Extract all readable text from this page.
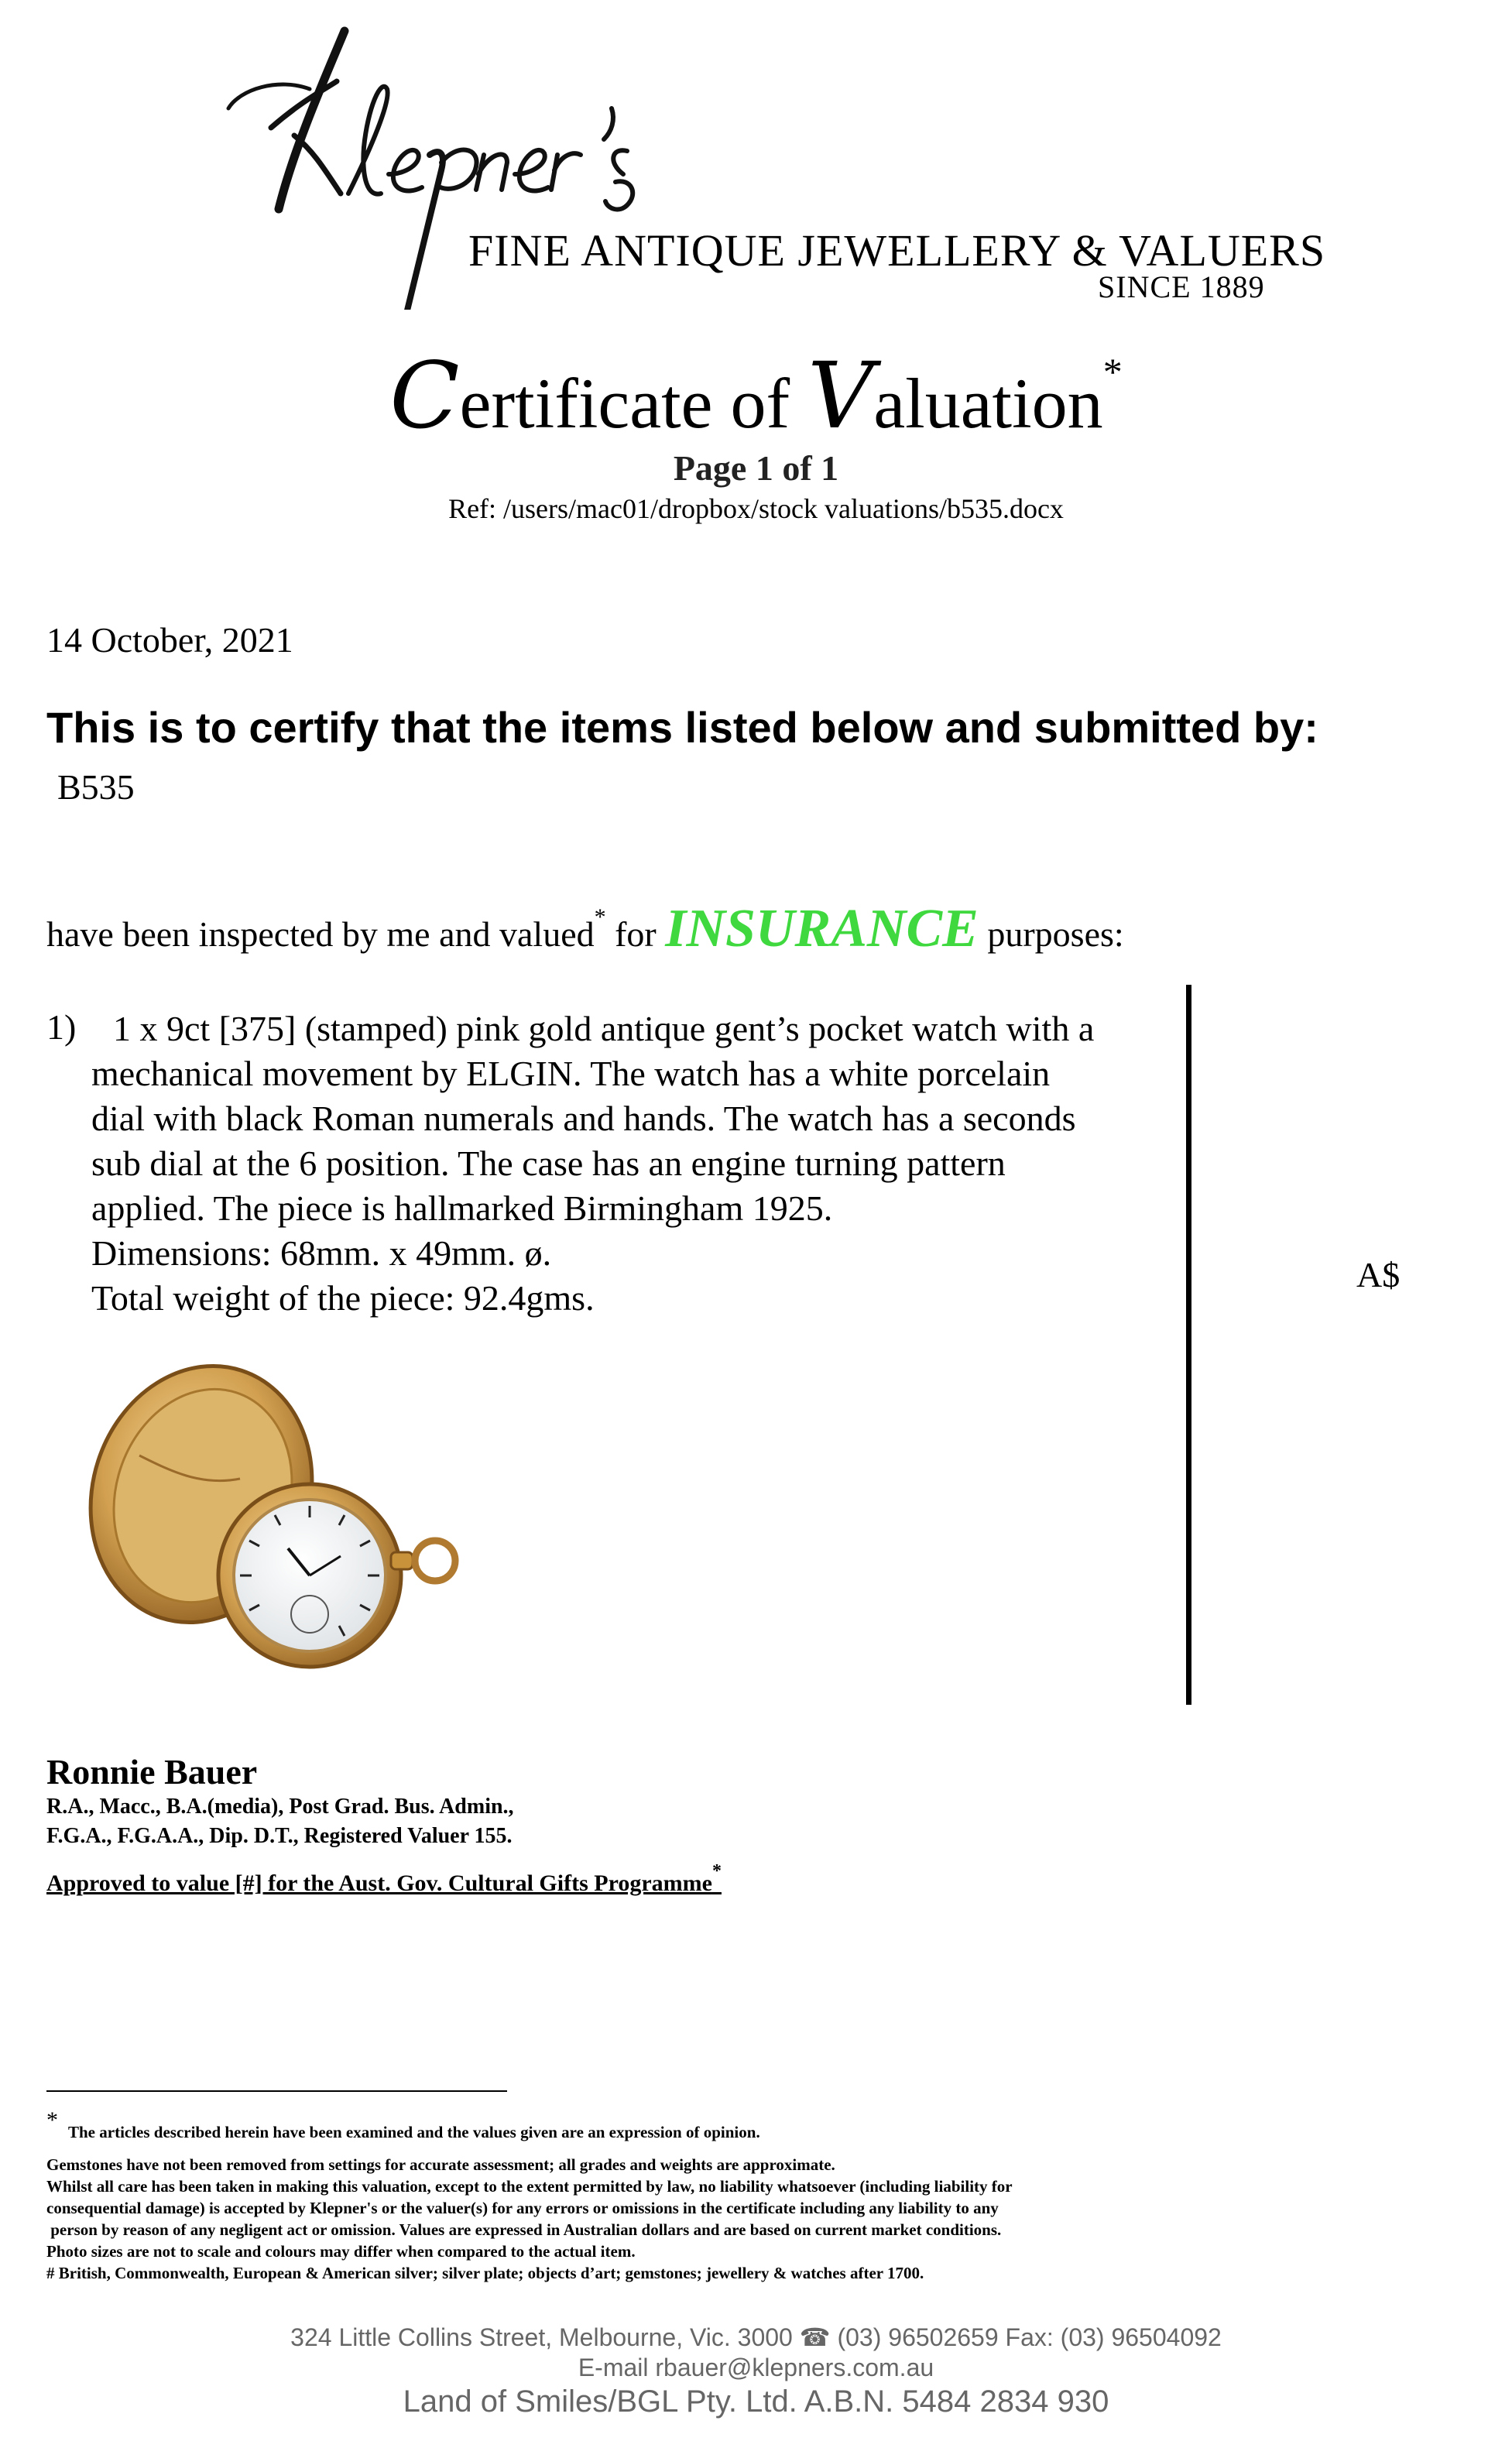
FINE ANTIQUE JEWELLERY & VALUERS
SINCE 1889
Certificate of Valuation*
Page 1 of 1
Ref: /users/mac01/dropbox/stock valuations/b535.docx
14 October, 2021
This is to certify that the items listed below and submitted by:
B535
have been inspected by me and valued* for INSURANCE purposes:
1) 1 x 9ct [375] (stamped) pink gold antique gent’s pocket watch with a
mechanical movement by ELGIN. The watch has a white porcelain
dial with black Roman numerals and hands. The watch has a seconds
sub dial at the 6 position. The case has an engine turning pattern
applied. The piece is hallmarked Birmingham 1925.
Dimensions: 68mm. x 49mm. ø.
Total weight of the piece: 92.4gms.
A$
Ronnie Bauer
R.A., Macc., B.A.(media), Post Grad. Bus. Admin.,
F.G.A., F.G.A.A., Dip. D.T., Registered Valuer 155.
Approved to value [#] for the Aust. Gov. Cultural Gifts Programme*
* The articles described herein have been examined and the values given are an expression of opinion.
Gemstones have not been removed from settings for accurate assessment; all grades and weights are approximate.
Whilst all care has been taken in making this valuation, except to the extent permitted by law, no liability whatsoever (including liability for
consequential damage) is accepted by Klepner's or the valuer(s) for any errors or omissions in the certificate including any liability to any
person by reason of any negligent act or omission. Values are expressed in Australian dollars and are based on current market conditions.
Photo sizes are not to scale and colours may differ when compared to the actual item.
# British, Commonwealth, European & American silver; silver plate; objects d’art; gemstones; jewellery & watches after 1700.
324 Little Collins Street, Melbourne, Vic. 3000 ☎ (03) 96502659 Fax: (03) 96504092
E-mail rbauer@klepners.com.au
Land of Smiles/BGL Pty. Ltd. A.B.N. 5484 2834 930
